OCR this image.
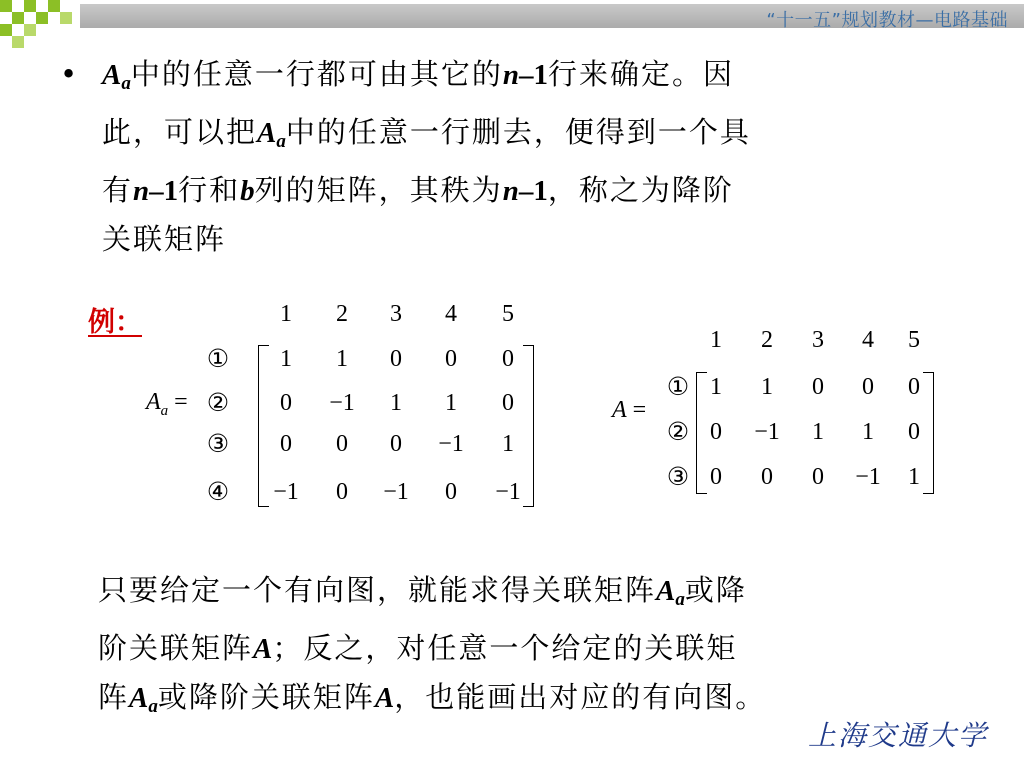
“十一五”规划教材—电路基础
• $A_a$中的任意一行都可由其它的n–1行来确定。因
此，可以把$A_a$中的任意一行删去，便得到一个具
有n–1行和b列的矩阵，其秩为n–1，称之为降阶
关联矩阵
例：
$A_a$ =
1 2 3 4 5
①
②
③
④
1 1 0 0 0
0 −1 1 1 0
0 0 0 −1 1
−1 0 −1 0 −1
A =
1 2 3 4 5
①
②
③
1 1 0 0 0
0 −1 1 1 0
0 0 0 −1 1
只要给定一个有向图，就能求得关联矩阵$A_a$或降
阶关联矩阵A；反之，对任意一个给定的关联矩
阵$A_a$或降阶关联矩阵A，也能画出对应的有向图。
上海交通大学
